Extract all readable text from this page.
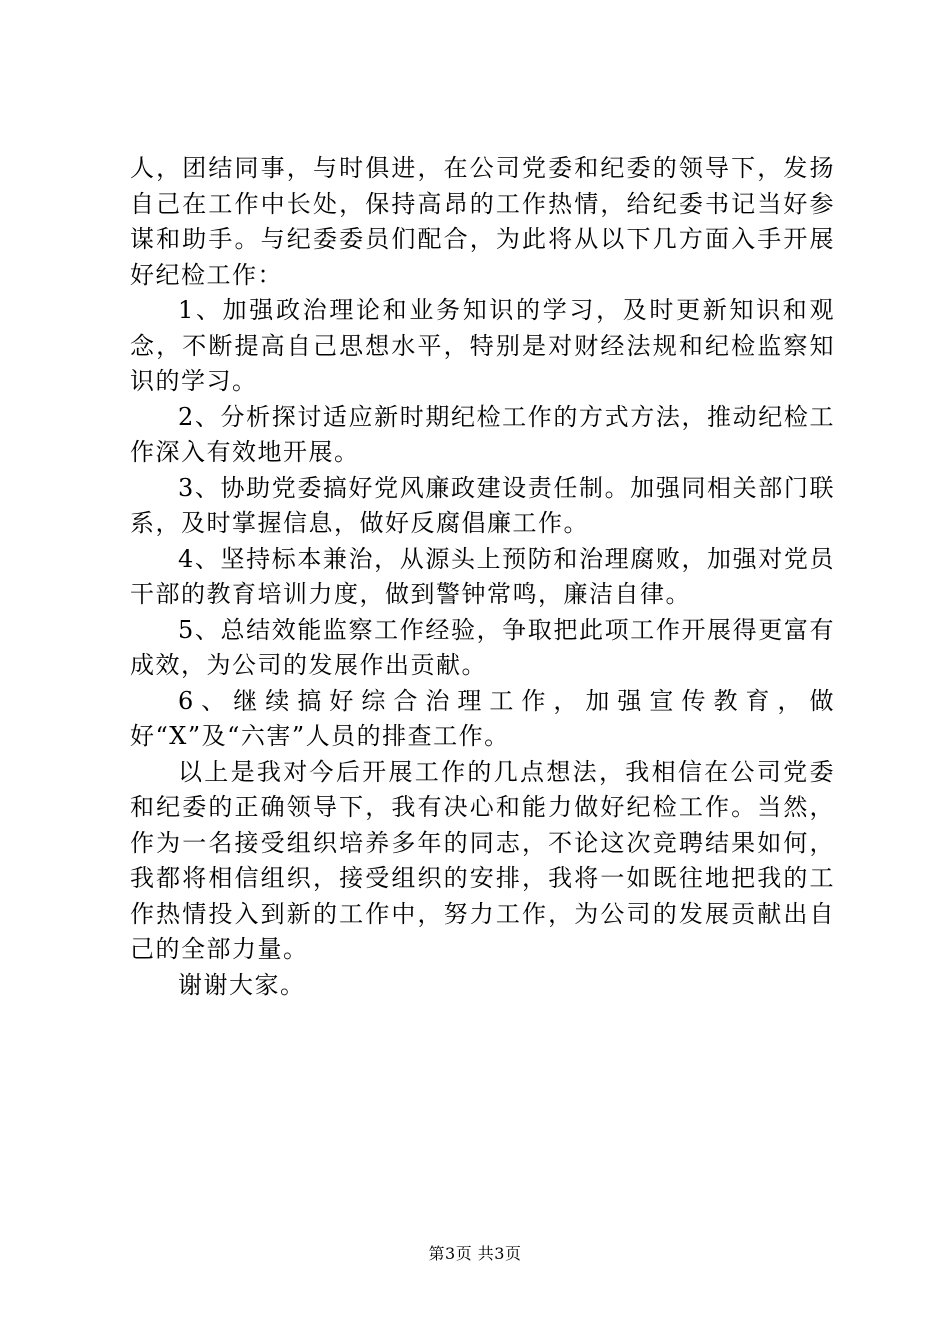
人，团结同事，与时俱进，在公司党委和纪委的领导下，发扬自己在工作中长处，保持高昂的工作热情，给纪委书记当好参谋和助手。与纪委委员们配合，为此将从以下几方面入手开展好纪检工作：

1、加强政治理论和业务知识的学习，及时更新知识和观念，不断提高自己思想水平，特别是对财经法规和纪检监察知识的学习。

2、分析探讨适应新时期纪检工作的方式方法，推动纪检工作深入有效地开展。

3、协助党委搞好党风廉政建设责任制。加强同相关部门联系，及时掌握信息，做好反腐倡廉工作。

4、坚持标本兼治，从源头上预防和治理腐败，加强对党员干部的教育培训力度，做到警钟常鸣，廉洁自律。

5、总结效能监察工作经验，争取把此项工作开展得更富有成效，为公司的发展作出贡献。

6、继续搞好综合治理工作，加强宣传教育，做好“X”及“六害”人员的排查工作。

以上是我对今后开展工作的几点想法，我相信在公司党委和纪委的正确领导下，我有决心和能力做好纪检工作。当然，作为一名接受组织培养多年的同志，不论这次竞聘结果如何，我都将相信组织，接受组织的安排，我将一如既往地把我的工作热情投入到新的工作中，努力工作，为公司的发展贡献出自己的全部力量。

谢谢大家。

第3页 共3页
